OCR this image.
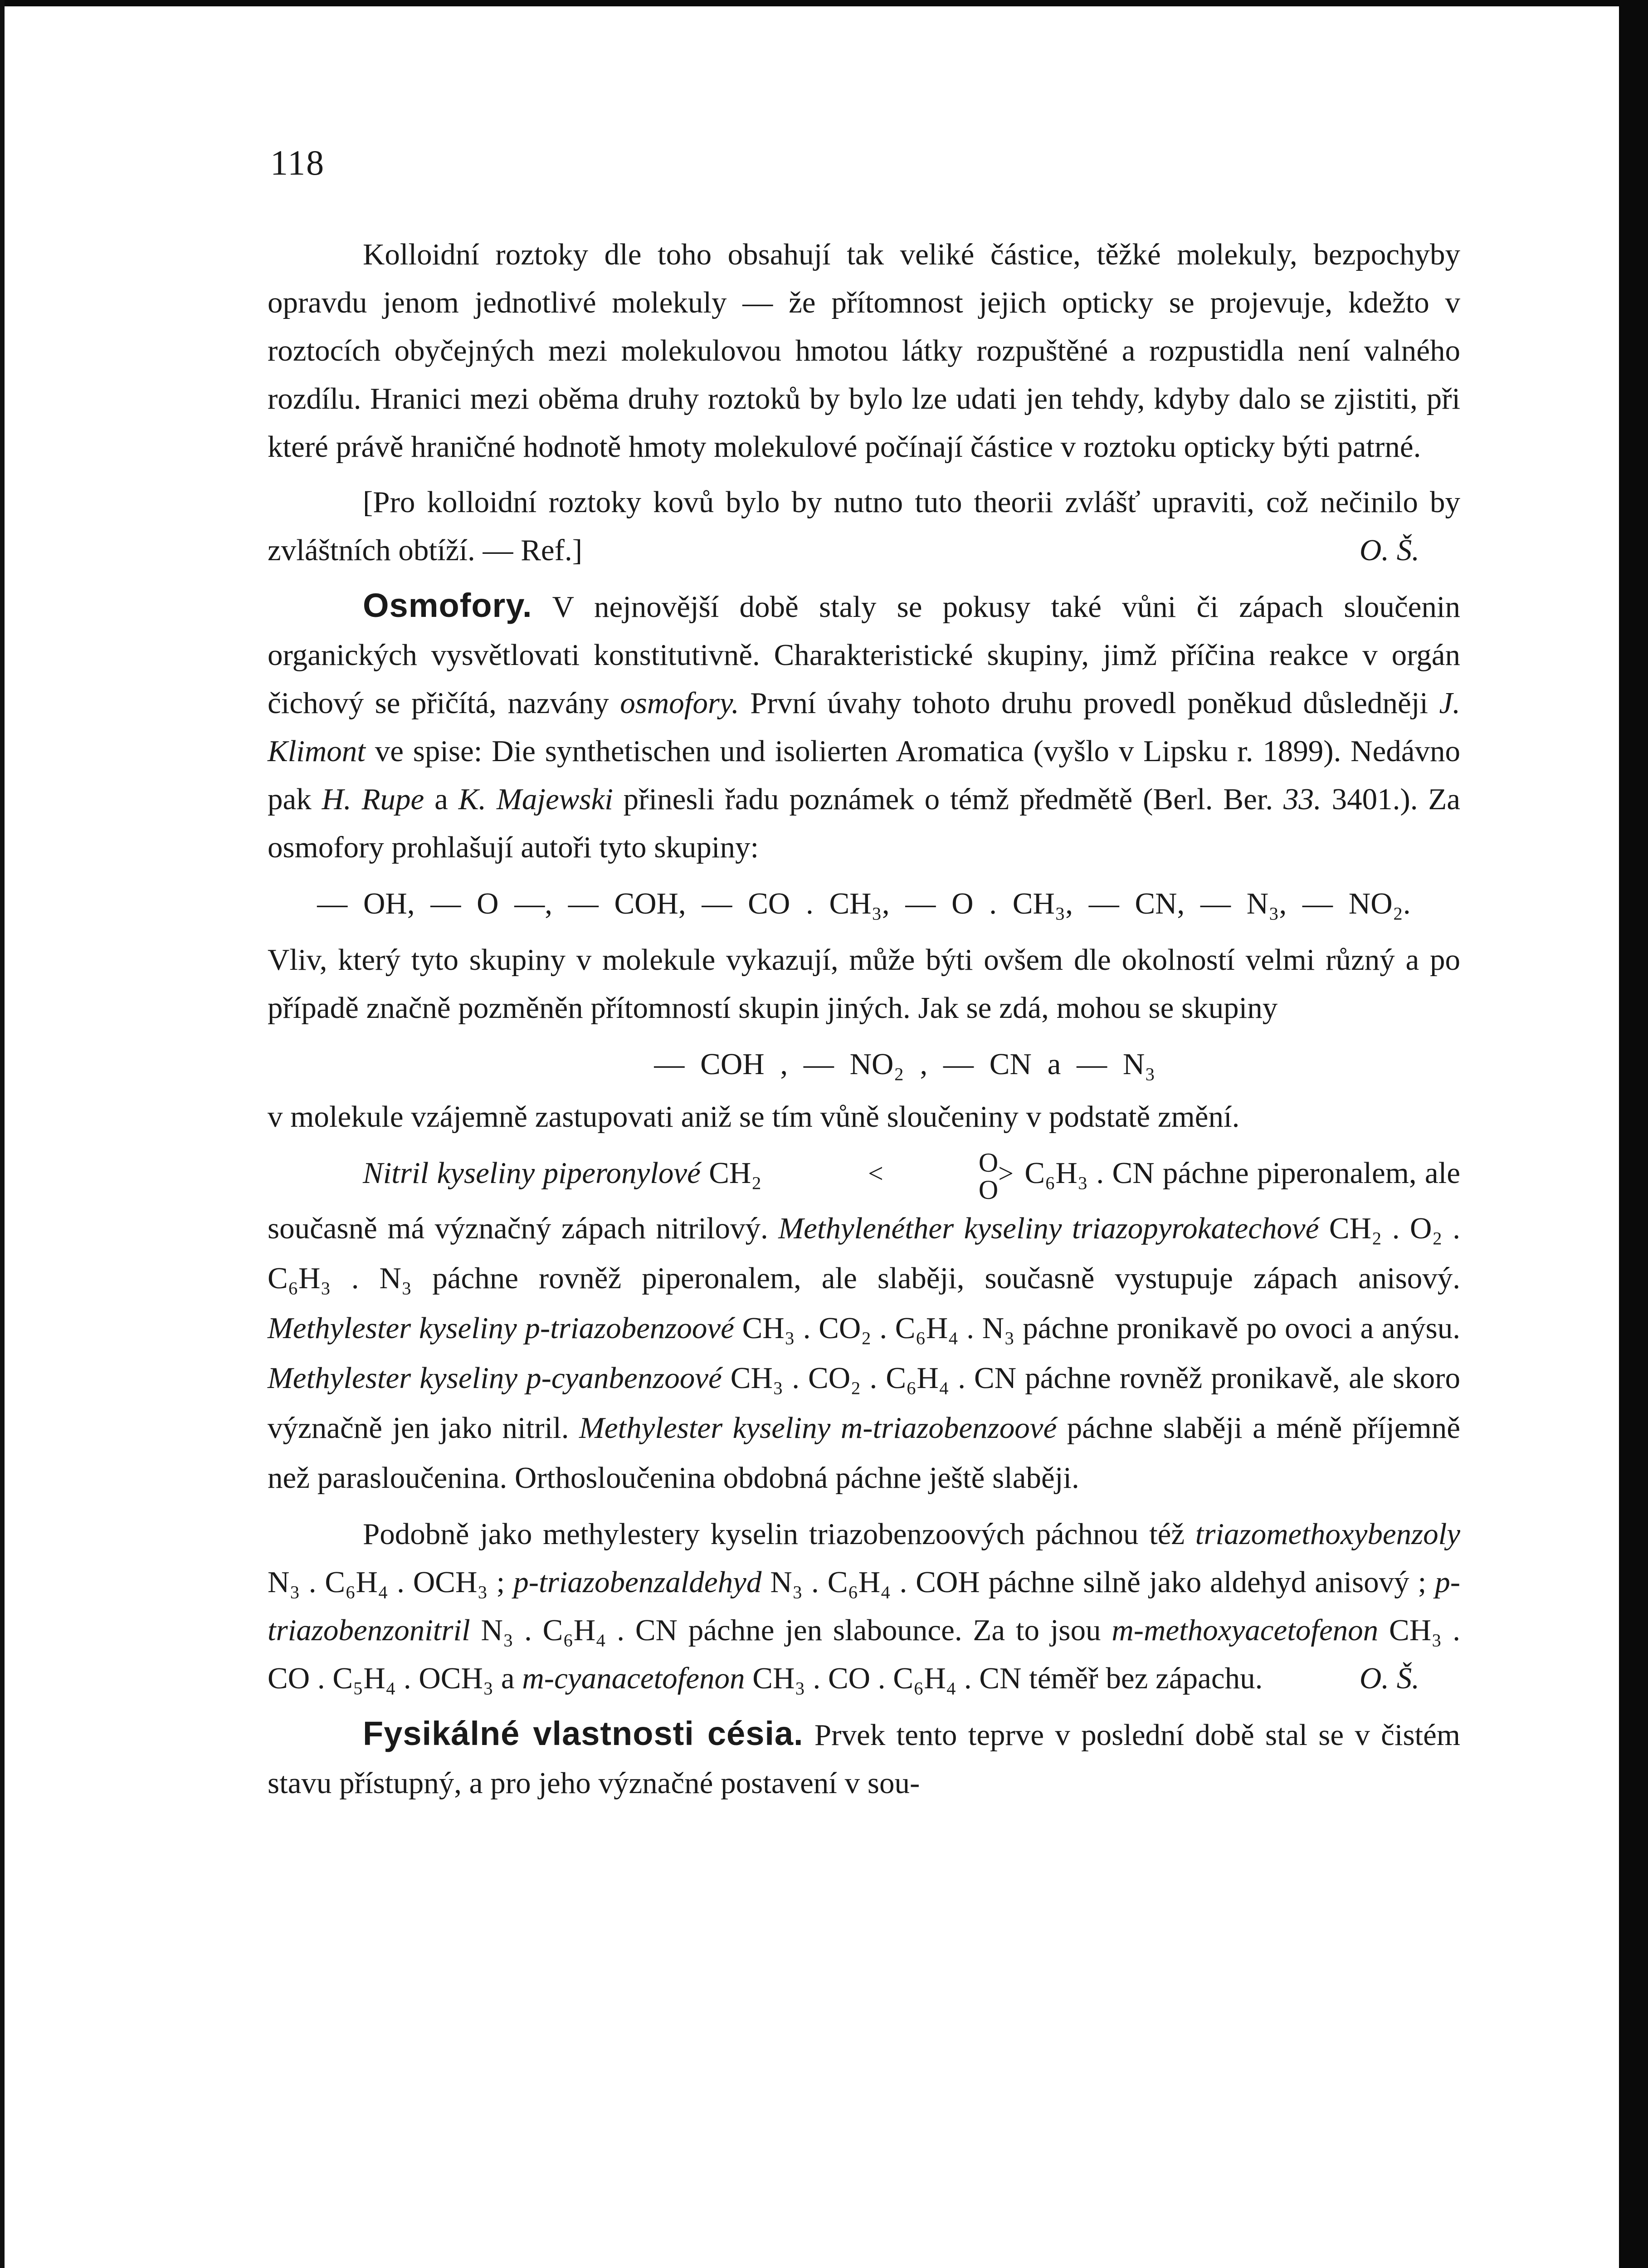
118

Kolloidní roztoky dle toho obsahují tak veliké částice, těžké molekuly, bezpochyby opravdu jenom jednotlivé molekuly — že přítomnost jejich opticky se projevuje, kdežto v roztocích obyčejných mezi molekulovou hmotou látky rozpuštěné a rozpustidla není valného rozdílu. Hranici mezi oběma druhy roztoků by bylo lze udati jen tehdy, kdyby dalo se zjistiti, při které právě hraničné hodnotě hmoty molekulové počínají částice v roztoku opticky býti patrné.

[Pro kolloidní roztoky kovů bylo by nutno tuto theorii zvlášť upraviti, což nečinilo by zvláštních obtíží. — Ref.]	O. Š.

Osmofory. V nejnovější době staly se pokusy také vůni či zápach sloučenin organických vysvětlovati konstitutivně. Charakteristické skupiny, jimž příčina reakce v orgán čichový se přičítá, nazvány osmofory. První úvahy tohoto druhu provedl poněkud důsledněji J. Klimont ve spise: Die synthetischen und isolierten Aromatica (vyšlo v Lipsku r. 1899). Nedávno pak H. Rupe a K. Majewski přinesli řadu poznámek o témž předmětě (Berl. Ber. 33. 3401.). Za osmofory prohlašují autoři tyto skupiny:

— OH, — O —, — COH, — CO . CH₃, — O . CH₃, — CN, — N₃, — NO₂.

Vliv, který tyto skupiny v molekule vykazují, může býti ovšem dle okolností velmi různý a po případě značně pozměněn přítomností skupin jiných. Jak se zdá, mohou se skupiny

— COH , — NO₂ , — CN a — N₃

v molekule vzájemně zastupovati aniž se tím vůně sloučeniny v podstatě změní.

Nitril kyseliny piperonylové CH₂	<	O
O
> C₆H₃ . CN páchne piperonalem, ale současně má význačný zápach nitrilový. Methylenéther kyseliny triazopyrokatechové CH₂ . O₂ . C₆H₃ . N₃ páchne rovněž piperonalem, ale slaběji, současně vystupuje zápach anisový. Methylester kyseliny p-triazobenzoové CH₃ . CO₂ . C₆H₄ . N₃ páchne pronikavě po ovoci a anýsu. Methylester kyseliny p-cyanbenzoové CH₃ . CO₂ . C₆H₄ . CN páchne rovněž pronikavě, ale skoro význačně jen jako nitril. Methylester kyseliny m-triazobenzoové páchne slaběji a méně příjemně než parasloučenina. Orthosloučenina obdobná páchne ještě slaběji.

Podobně jako methylestery kyselin triazobenzoových páchnou též triazomethoxybenzoly N₃ . C₆H₄ . OCH₃ ; p-triazobenzaldehyd N₃ . C₆H₄ . COH páchne silně jako aldehyd anisový ; p-triazobenzonitril N₃ . C₆H₄ . CN páchne jen slabounce. Za to jsou m-methoxyacetofenon CH₃ . CO . C₅H₄ . OCH₃ a m-cyanacetofenon CH₃ . CO . C₆H₄ . CN téměř bez zápachu.	O. Š.

Fysikálné vlastnosti césia. Prvek tento teprve v poslední době stal se v čistém stavu přístupný, a pro jeho význačné postavení v sou-
